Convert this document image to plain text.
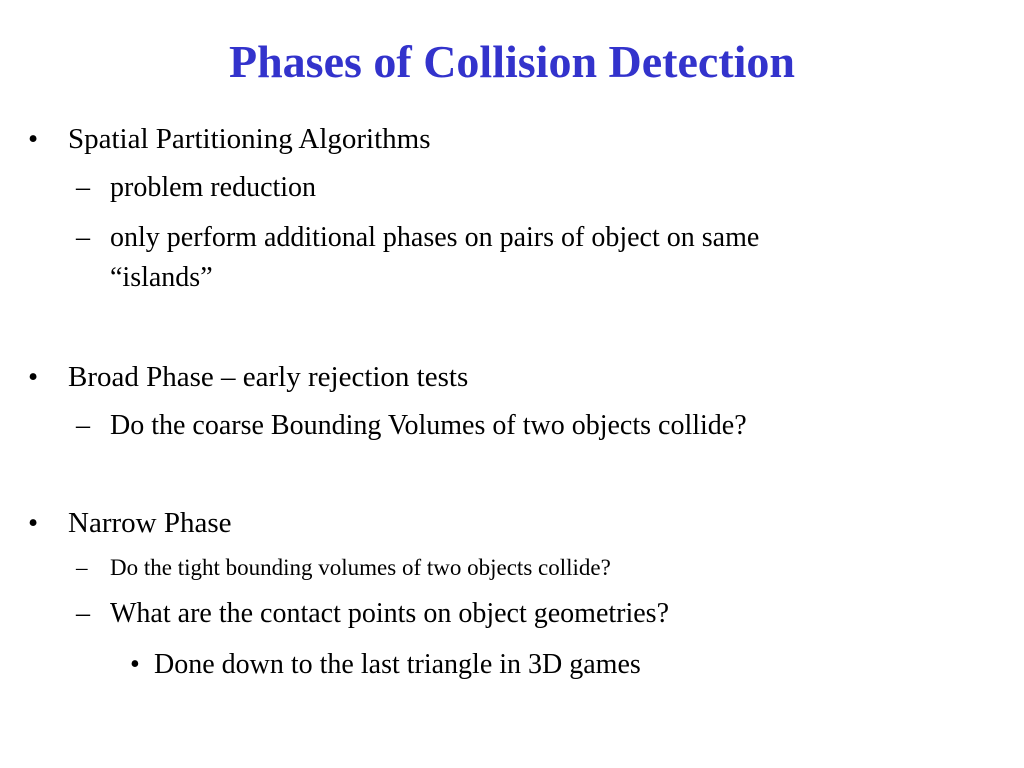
Phases of Collision Detection
•	Spatial Partitioning Algorithms
– problem reduction
– only perform additional phases on pairs of object on same
“islands”
•	Broad Phase – early rejection tests
– Do the coarse Bounding Volumes of two objects collide?
•	Narrow Phase
– Do the tight bounding volumes of two objects collide?
– What are the contact points on object geometries?
• Done down to the last triangle in 3D games
